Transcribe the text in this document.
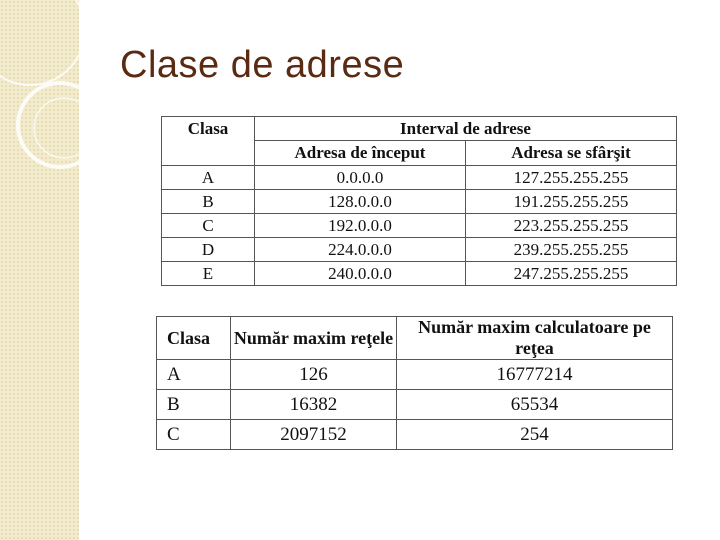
Clase de adrese
Clasa	Interval de adrese	
	Adresa de început	Adresa se sfârşit
A	0.0.0.0	127.255.255.255
B	128.0.0.0	191.255.255.255
C	192.0.0.0	223.255.255.255
D	224.0.0.0	239.255.255.255
E	240.0.0.0	247.255.255.255
Clasa	Număr maxim reţele	Număr maxim calculatoare pe reţea
A	126	16777214
B	16382	65534
C	2097152	254
